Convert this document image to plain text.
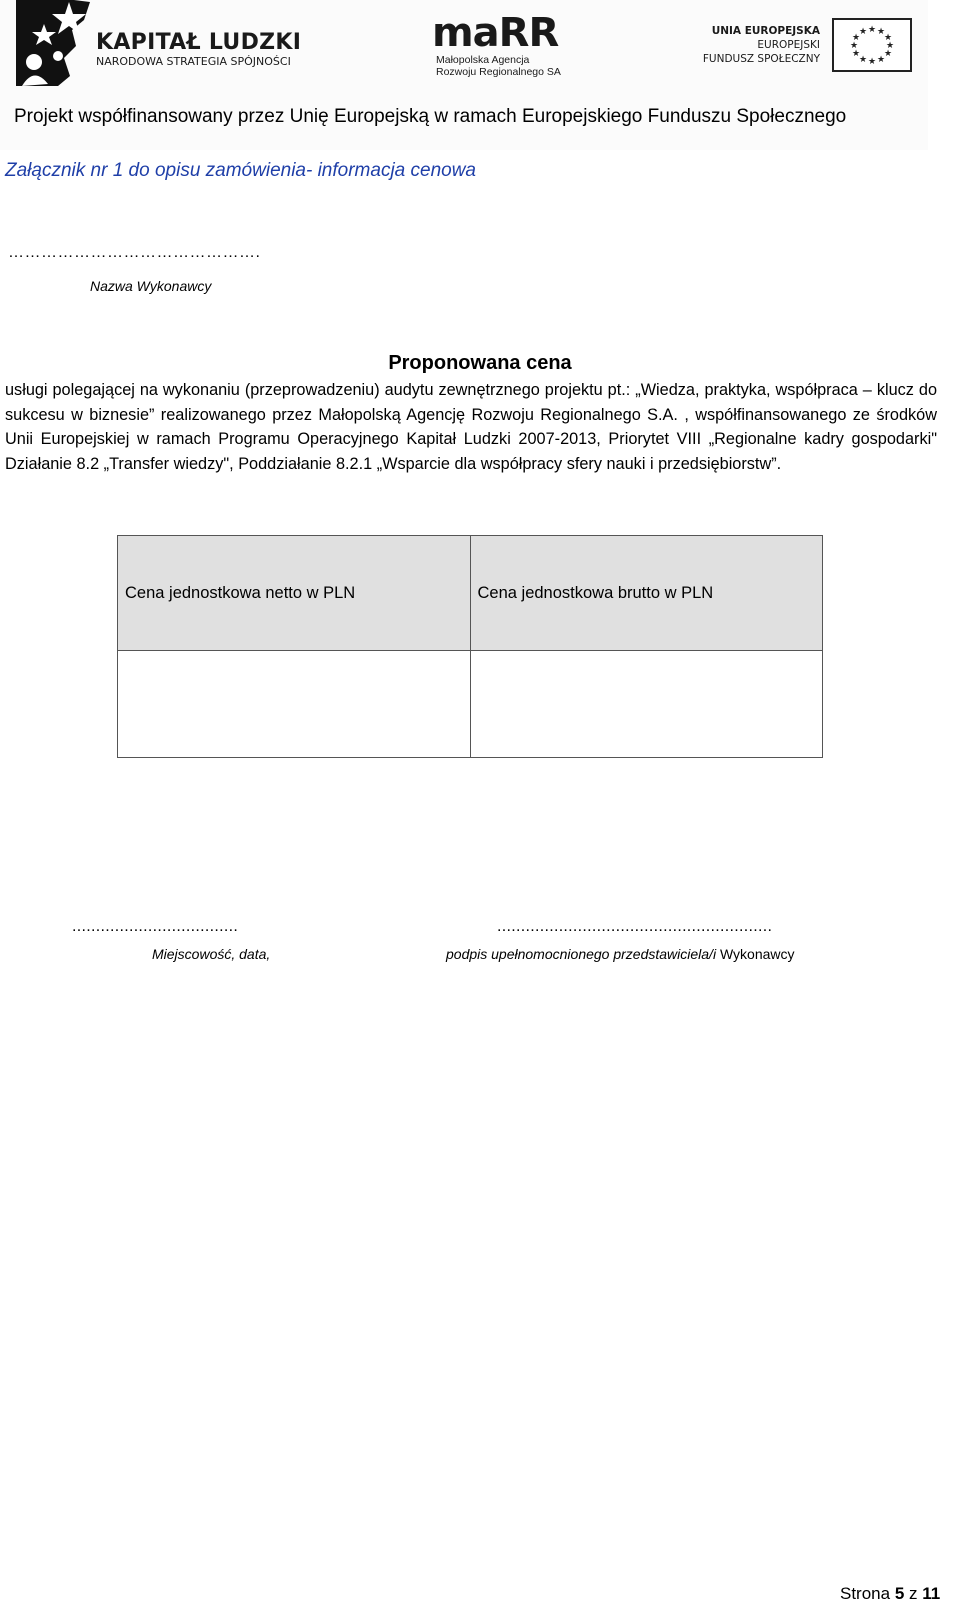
KAPITAŁ LUDZKI
NARODOWA STRATEGIA SPÓJNOŚCI
maRR
Małopolska Agencja
Rozwoju Regionalnego SA
UNIA EUROPEJSKA
EUROPEJSKI
FUNDUSZ SPOŁECZNY
★ ★
★
★
★
★
★
★
★
★
★
★
Projekt współfinansowany przez Unię Europejską w ramach Europejskiego Funduszu Społecznego
Załącznik nr 1 do opisu zamówienia- informacja cenowa
……………………………………….
Nazwa Wykonawcy
Proponowana cena
usługi polegającej na wykonaniu (przeprowadzeniu) audytu zewnętrznego projektu pt.: „Wiedza, praktyka, współpraca – klucz do sukcesu w biznesie” realizowanego przez Małopolską Agencję Rozwoju Regionalnego S.A. , współfinansowanego ze środków Unii Europejskiej w ramach Programu Operacyjnego Kapitał Ludzki 2007-2013, Priorytet VIII „Regionalne kadry gospodarki" Działanie 8.2 „Transfer wiedzy", Poddziałanie 8.2.1 „Wsparcie dla współpracy sfery nauki i przedsiębiorstw”.
Cena jednostkowa netto w PLN	Cena jednostkowa brutto w PLN

...................................	..........................................................
Miejscowość, data,	podpis upełnomocnionego przedstawiciela/i Wykonawcy
Strona 5 z 11
